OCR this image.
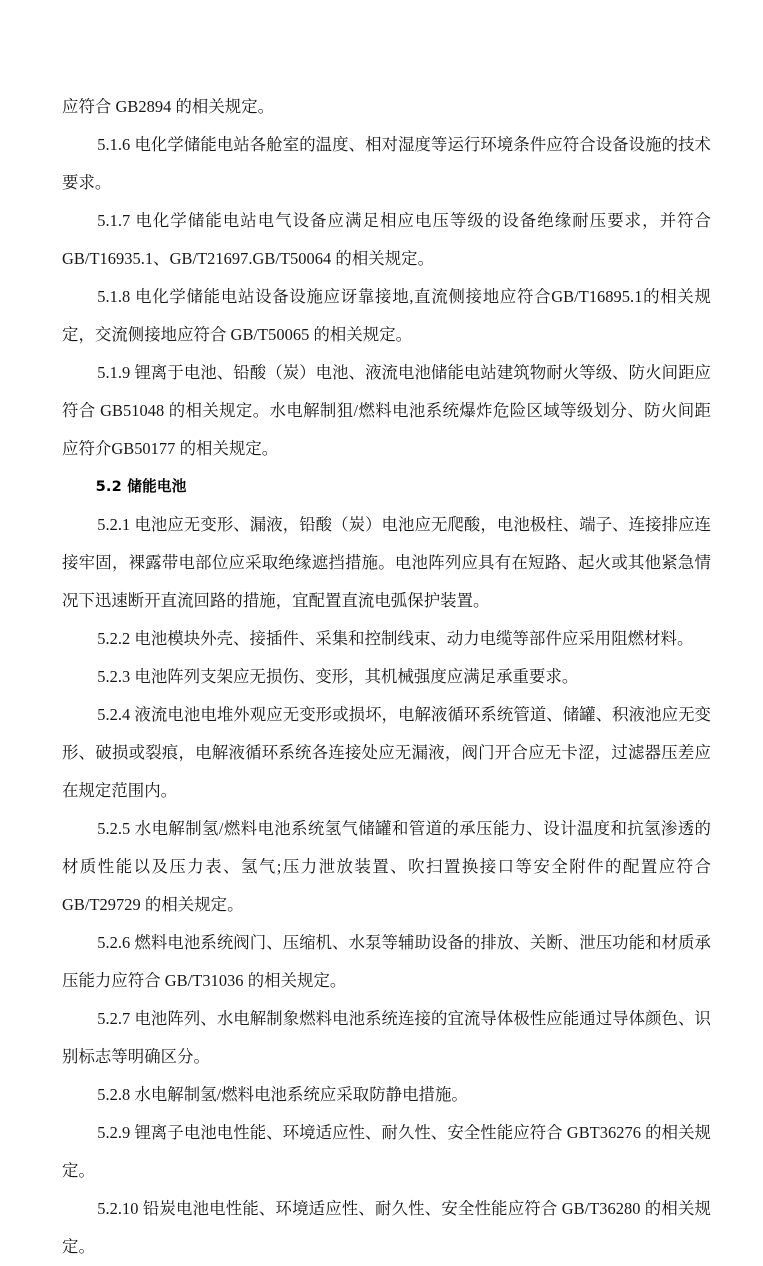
应符合 GB2894 的相关规定。

5.1.6 电化学储能电站各舱室的温度、相对湿度等运行环境条件应符合设备设施的技术要求。

5.1.7 电化学储能电站电气设备应满足相应电压等级的设备绝缘耐压要求，并符合GB/T16935.1、GB/T21697.GB/T50064 的相关规定。

5.1.8 电化学储能电站设备设施应讶靠接地,直流侧接地应符合GB/T16895.1的相关规定，交流侧接地应符合 GB/T50065 的相关规定。

5.1.9 锂离于电池、铅酸（炭）电池、液流电池储能电站建筑物耐火等级、防火间距应符合 GB51048 的相关规定。水电解制狙/燃料电池系统爆炸危险区域等级划分、防火间距应符介GB50177 的相关规定。

5.2 储能电池

5.2.1 电池应无变形、漏液，铅酸（炭）电池应无爬酸，电池极柱、端子、连接排应连接牢固，裸露带电部位应采取绝缘遮挡措施。电池阵列应具有在短路、起火或其他紧急情况下迅速断开直流回路的措施，宜配置直流电弧保护装置。

5.2.2 电池模块外壳、接插件、采集和控制线束、动力电缆等部件应采用阻燃材料。

5.2.3 电池阵列支架应无损伤、变形，其机械强度应满足承重要求。

5.2.4 液流电池电堆外观应无变形或损坏，电解液循环系统管道、储罐、积液池应无变形、破损或裂痕，电解液循环系统各连接处应无漏液，阀门开合应无卡涩，过滤器压差应在规定范围内。

5.2.5 水电解制氢/燃料电池系统氢气储罐和管道的承压能力、设计温度和抗氢渗透的材质性能以及压力表、氢气;压力泄放装置、吹扫置换接口等安全附件的配置应符合 GB/T29729 的相关规定。

5.2.6 燃料电池系统阀门、压缩机、水泵等辅助设备的排放、关断、泄压功能和材质承压能力应符合 GB/T31036 的相关规定。

5.2.7 电池阵列、水电解制象燃料电池系统连接的宜流导体极性应能通过导体颜色、识别标志等明确区分。

5.2.8 水电解制氢/燃料电池系统应采取防静电措施。

5.2.9 锂离子电池电性能、环境适应性、耐久性、安全性能应符合 GBT36276 的相关规定。

5.2.10 铅炭电池电性能、环境适应性、耐久性、安全性能应符合 GB/T36280 的相关规定。
